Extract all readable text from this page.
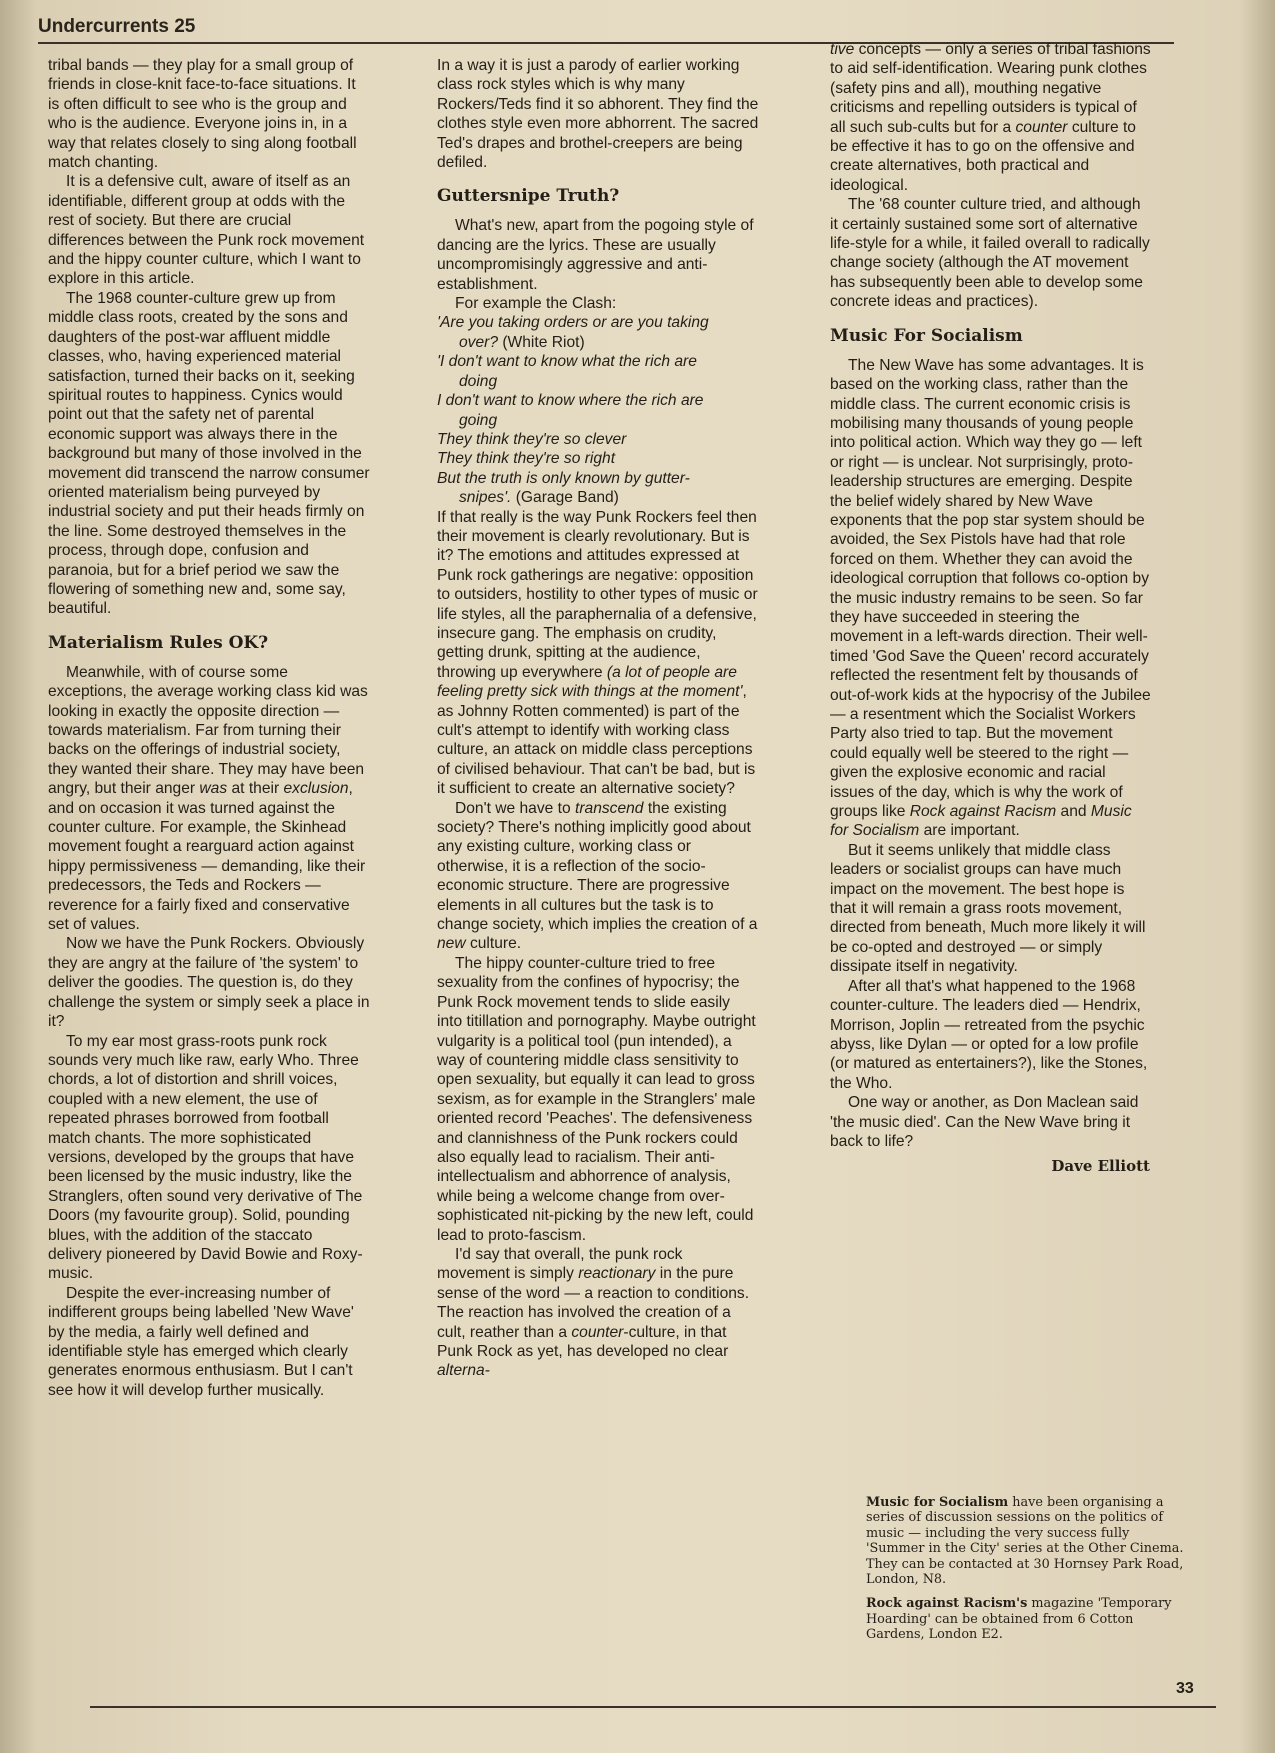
Undercurrents 25

tribal bands — they play for a small group of friends in close-knit face-to-face situations. It is often difficult to see who is the group and who is the audience. Everyone joins in, in a way that relates closely to sing along football match chanting.

It is a defensive cult, aware of itself as an identifiable, different group at odds with the rest of society. But there are crucial differences between the Punk rock movement and the hippy counter culture, which I want to explore in this article.

The 1968 counter-culture grew up from middle class roots, created by the sons and daughters of the post-war affluent middle classes, who, having experienced material satisfaction, turned their backs on it, seeking spiritual routes to happiness. Cynics would point out that the safety net of parental economic support was always there in the background but many of those involved in the movement did transcend the narrow consumer oriented materialism being purveyed by industrial society and put their heads firmly on the line. Some destroyed themselves in the process, through dope, confusion and paranoia, but for a brief period we saw the flowering of something new and, some say, beautiful.

Materialism Rules OK?

Meanwhile, with of course some exceptions, the average working class kid was looking in exactly the opposite direction — towards materialism. Far from turning their backs on the offerings of industrial society, they wanted their share. They may have been angry, but their anger was at their exclusion, and on occasion it was turned against the counter culture. For example, the Skinhead movement fought a rearguard action against hippy permissiveness — demanding, like their predecessors, the Teds and Rockers — reverence for a fairly fixed and conservative set of values.

Now we have the Punk Rockers. Obviously they are angry at the failure of 'the system' to deliver the goodies. The question is, do they challenge the system or simply seek a place in it?

To my ear most grass-roots punk rock sounds very much like raw, early Who. Three chords, a lot of distortion and shrill voices, coupled with a new element, the use of repeated phrases borrowed from football match chants. The more sophisticated versions, developed by the groups that have been licensed by the music industry, like the Stranglers, often sound very derivative of The Doors (my favourite group). Solid, pounding blues, with the addition of the staccato delivery pioneered by David Bowie and Roxy-music.

Despite the ever-increasing number of indifferent groups being labelled 'New Wave' by the media, a fairly well defined and identifiable style has emerged which clearly generates enormous enthusiasm. But I can't see how it will develop further musically.

In a way it is just a parody of earlier working class rock styles which is why many Rockers/Teds find it so abhorent. They find the clothes style even more abhorrent. The sacred Ted's drapes and brothel-creepers are being defiled.

Guttersnipe Truth?

What's new, apart from the pogoing style of dancing are the lyrics. These are usually uncompromisingly aggressive and anti-establishment.

For example the Clash:

'Are you taking orders or are you taking
over? (White Riot)
'I don't want to know what the rich are
doing
I don't want to know where the rich are
going
They think they're so clever
They think they're so right
But the truth is only known by gutter-
snipes'. (Garage Band)

If that really is the way Punk Rockers feel then their movement is clearly revolutionary. But is it? The emotions and attitudes expressed at Punk rock gatherings are negative: opposition to outsiders, hostility to other types of music or life styles, all the paraphernalia of a defensive, insecure gang. The emphasis on crudity, getting drunk, spitting at the audience, throwing up everywhere (a lot of people are feeling pretty sick with things at the moment', as Johnny Rotten commented) is part of the cult's attempt to identify with working class culture, an attack on middle class perceptions of civilised behaviour. That can't be bad, but is it sufficient to create an alternative society?

Don't we have to transcend the existing society? There's nothing implicitly good about any existing culture, working class or otherwise, it is a reflection of the socio-economic structure. There are progressive elements in all cultures but the task is to change society, which implies the creation of a new culture.

The hippy counter-culture tried to free sexuality from the confines of hypocrisy; the Punk Rock movement tends to slide easily into titillation and pornography. Maybe outright vulgarity is a political tool (pun intended), a way of countering middle class sensitivity to open sexuality, but equally it can lead to gross sexism, as for example in the Stranglers' male oriented record 'Peaches'. The defensiveness and clannishness of the Punk rockers could also equally lead to racialism. Their anti-intellectualism and abhorrence of analysis, while being a welcome change from over-sophisticated nit-picking by the new left, could lead to proto-fascism.

I'd say that overall, the punk rock movement is simply reactionary in the pure sense of the word — a reaction to conditions. The reaction has involved the creation of a cult, reather than a counter-culture, in that Punk Rock as yet, has developed no clear alterna-

tive concepts — only a series of tribal fashions to aid self-identification. Wearing punk clothes (safety pins and all), mouthing negative criticisms and repelling outsiders is typical of all such sub-cults but for a counter culture to be effective it has to go on the offensive and create alternatives, both practical and ideological.

The '68 counter culture tried, and although it certainly sustained some sort of alternative life-style for a while, it failed overall to radically change society (although the AT movement has subsequently been able to develop some concrete ideas and practices).

Music For Socialism

The New Wave has some advantages. It is based on the working class, rather than the middle class. The current economic crisis is mobilising many thousands of young people into political action. Which way they go — left or right — is unclear. Not surprisingly, proto-leadership structures are emerging. Despite the belief widely shared by New Wave exponents that the pop star system should be avoided, the Sex Pistols have had that role forced on them. Whether they can avoid the ideological corruption that follows co-option by the music industry remains to be seen. So far they have succeeded in steering the movement in a left-wards direction. Their well-timed 'God Save the Queen' record accurately reflected the resentment felt by thousands of out-of-work kids at the hypocrisy of the Jubilee — a resentment which the Socialist Workers Party also tried to tap. But the movement could equally well be steered to the right — given the explosive economic and racial issues of the day, which is why the work of groups like Rock against Racism and Music for Socialism are important.

But it seems unlikely that middle class leaders or socialist groups can have much impact on the movement. The best hope is that it will remain a grass roots movement, directed from beneath, Much more likely it will be co-opted and destroyed — or simply dissipate itself in negativity.

After all that's what happened to the 1968 counter-culture. The leaders died — Hendrix, Morrison, Joplin — retreated from the psychic abyss, like Dylan — or opted for a low profile (or matured as entertainers?), like the Stones, the Who.

One way or another, as Don Maclean said 'the music died'. Can the New Wave bring it back to life?

Dave Elliott

Music for Socialism have been organising a series of discussion sessions on the politics of music — including the very success fully 'Summer in the City' series at the Other Cinema. They can be contacted at 30 Hornsey Park Road, London, N8.

Rock against Racism's magazine 'Temporary Hoarding' can be obtained from 6 Cotton Gardens, London E2.

33
